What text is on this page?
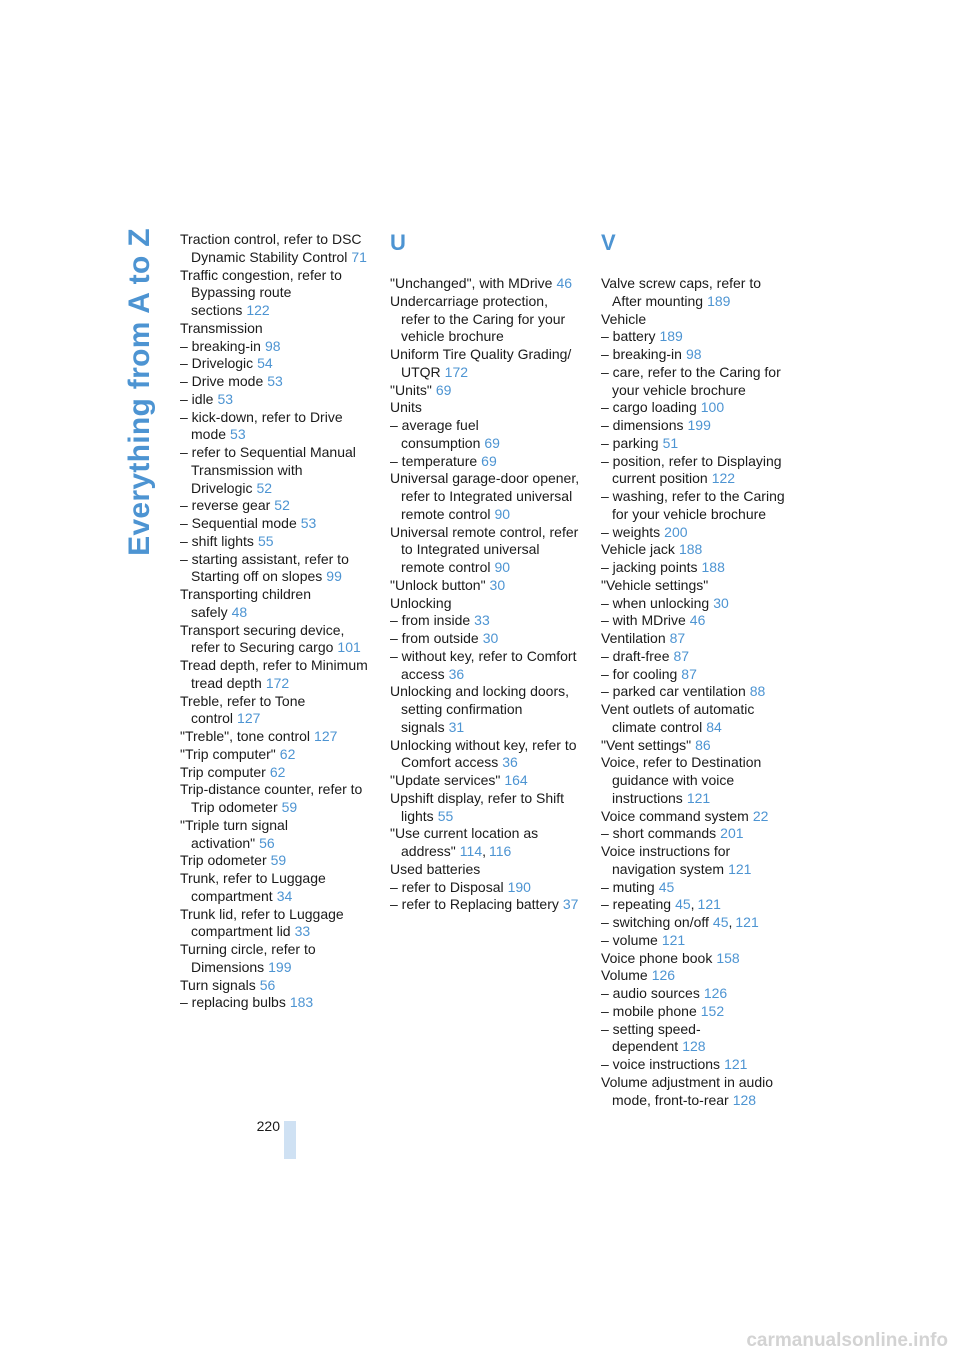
Everything from A to Z Traction control, refer to DSC Dynamic Stability Control 71
Traffic congestion, refer to Bypassing route sections 122
Transmission
– breaking-in 98
– Drivelogic 54
– Drive mode 53
– idle 53
– kick-down, refer to Drive mode 53
– refer to Sequential Manual Transmission with Drivelogic 52
– reverse gear 52
– Sequential mode 53
– shift lights 55
– starting assistant, refer to Starting off on slopes 99
Transporting children safely 48
Transport securing device, refer to Securing cargo 101
Tread depth, refer to Minimum tread depth 172
Treble, refer to Tone control 127
"Treble", tone control 127
"Trip computer" 62
Trip computer 62
Trip-distance counter, refer to Trip odometer 59
"Triple turn signal activation" 56
Trip odometer 59
Trunk, refer to Luggage compartment 34
Trunk lid, refer to Luggage compartment lid 33
Turning circle, refer to Dimensions 199
Turn signals 56
– replacing bulbs 183
U
"Unchanged", with MDrive 46
Undercarriage protection, refer to the Caring for your vehicle brochure
Uniform Tire Quality Grading/ UTQR 172
"Units" 69
Units
– average fuel consumption 69
– temperature 69
Universal garage-door opener, refer to Integrated universal remote control 90
Universal remote control, refer to Integrated universal remote control 90
"Unlock button" 30
Unlocking
– from inside 33
– from outside 30
– without key, refer to Comfort access 36
Unlocking and locking doors, setting confirmation signals 31
Unlocking without key, refer to Comfort access 36
"Update services" 164
Upshift display, refer to Shift lights 55
"Use current location as address" 114, 116
Used batteries
– refer to Disposal 190
– refer to Replacing battery 37
V
Valve screw caps, refer to After mounting 189
Vehicle
– battery 189
– breaking-in 98
– care, refer to the Caring for your vehicle brochure
– cargo loading 100
– dimensions 199
– parking 51
– position, refer to Displaying current position 122
– washing, refer to the Caring for your vehicle brochure
– weights 200
Vehicle jack 188
– jacking points 188
"Vehicle settings"
– when unlocking 30
– with MDrive 46
Ventilation 87
– draft-free 87
– for cooling 87
– parked car ventilation 88
Vent outlets of automatic climate control 84
"Vent settings" 86
Voice, refer to Destination guidance with voice instructions 121
Voice command system 22
– short commands 201
Voice instructions for navigation system 121
– muting 45
– repeating 45, 121
– switching on/off 45, 121
– volume 121
Voice phone book 158
Volume 126
– audio sources 126
– mobile phone 152
– setting speed-dependent 128
– voice instructions 121
Volume adjustment in audio mode, front-to-rear 128
220
carmanualsonline.info
